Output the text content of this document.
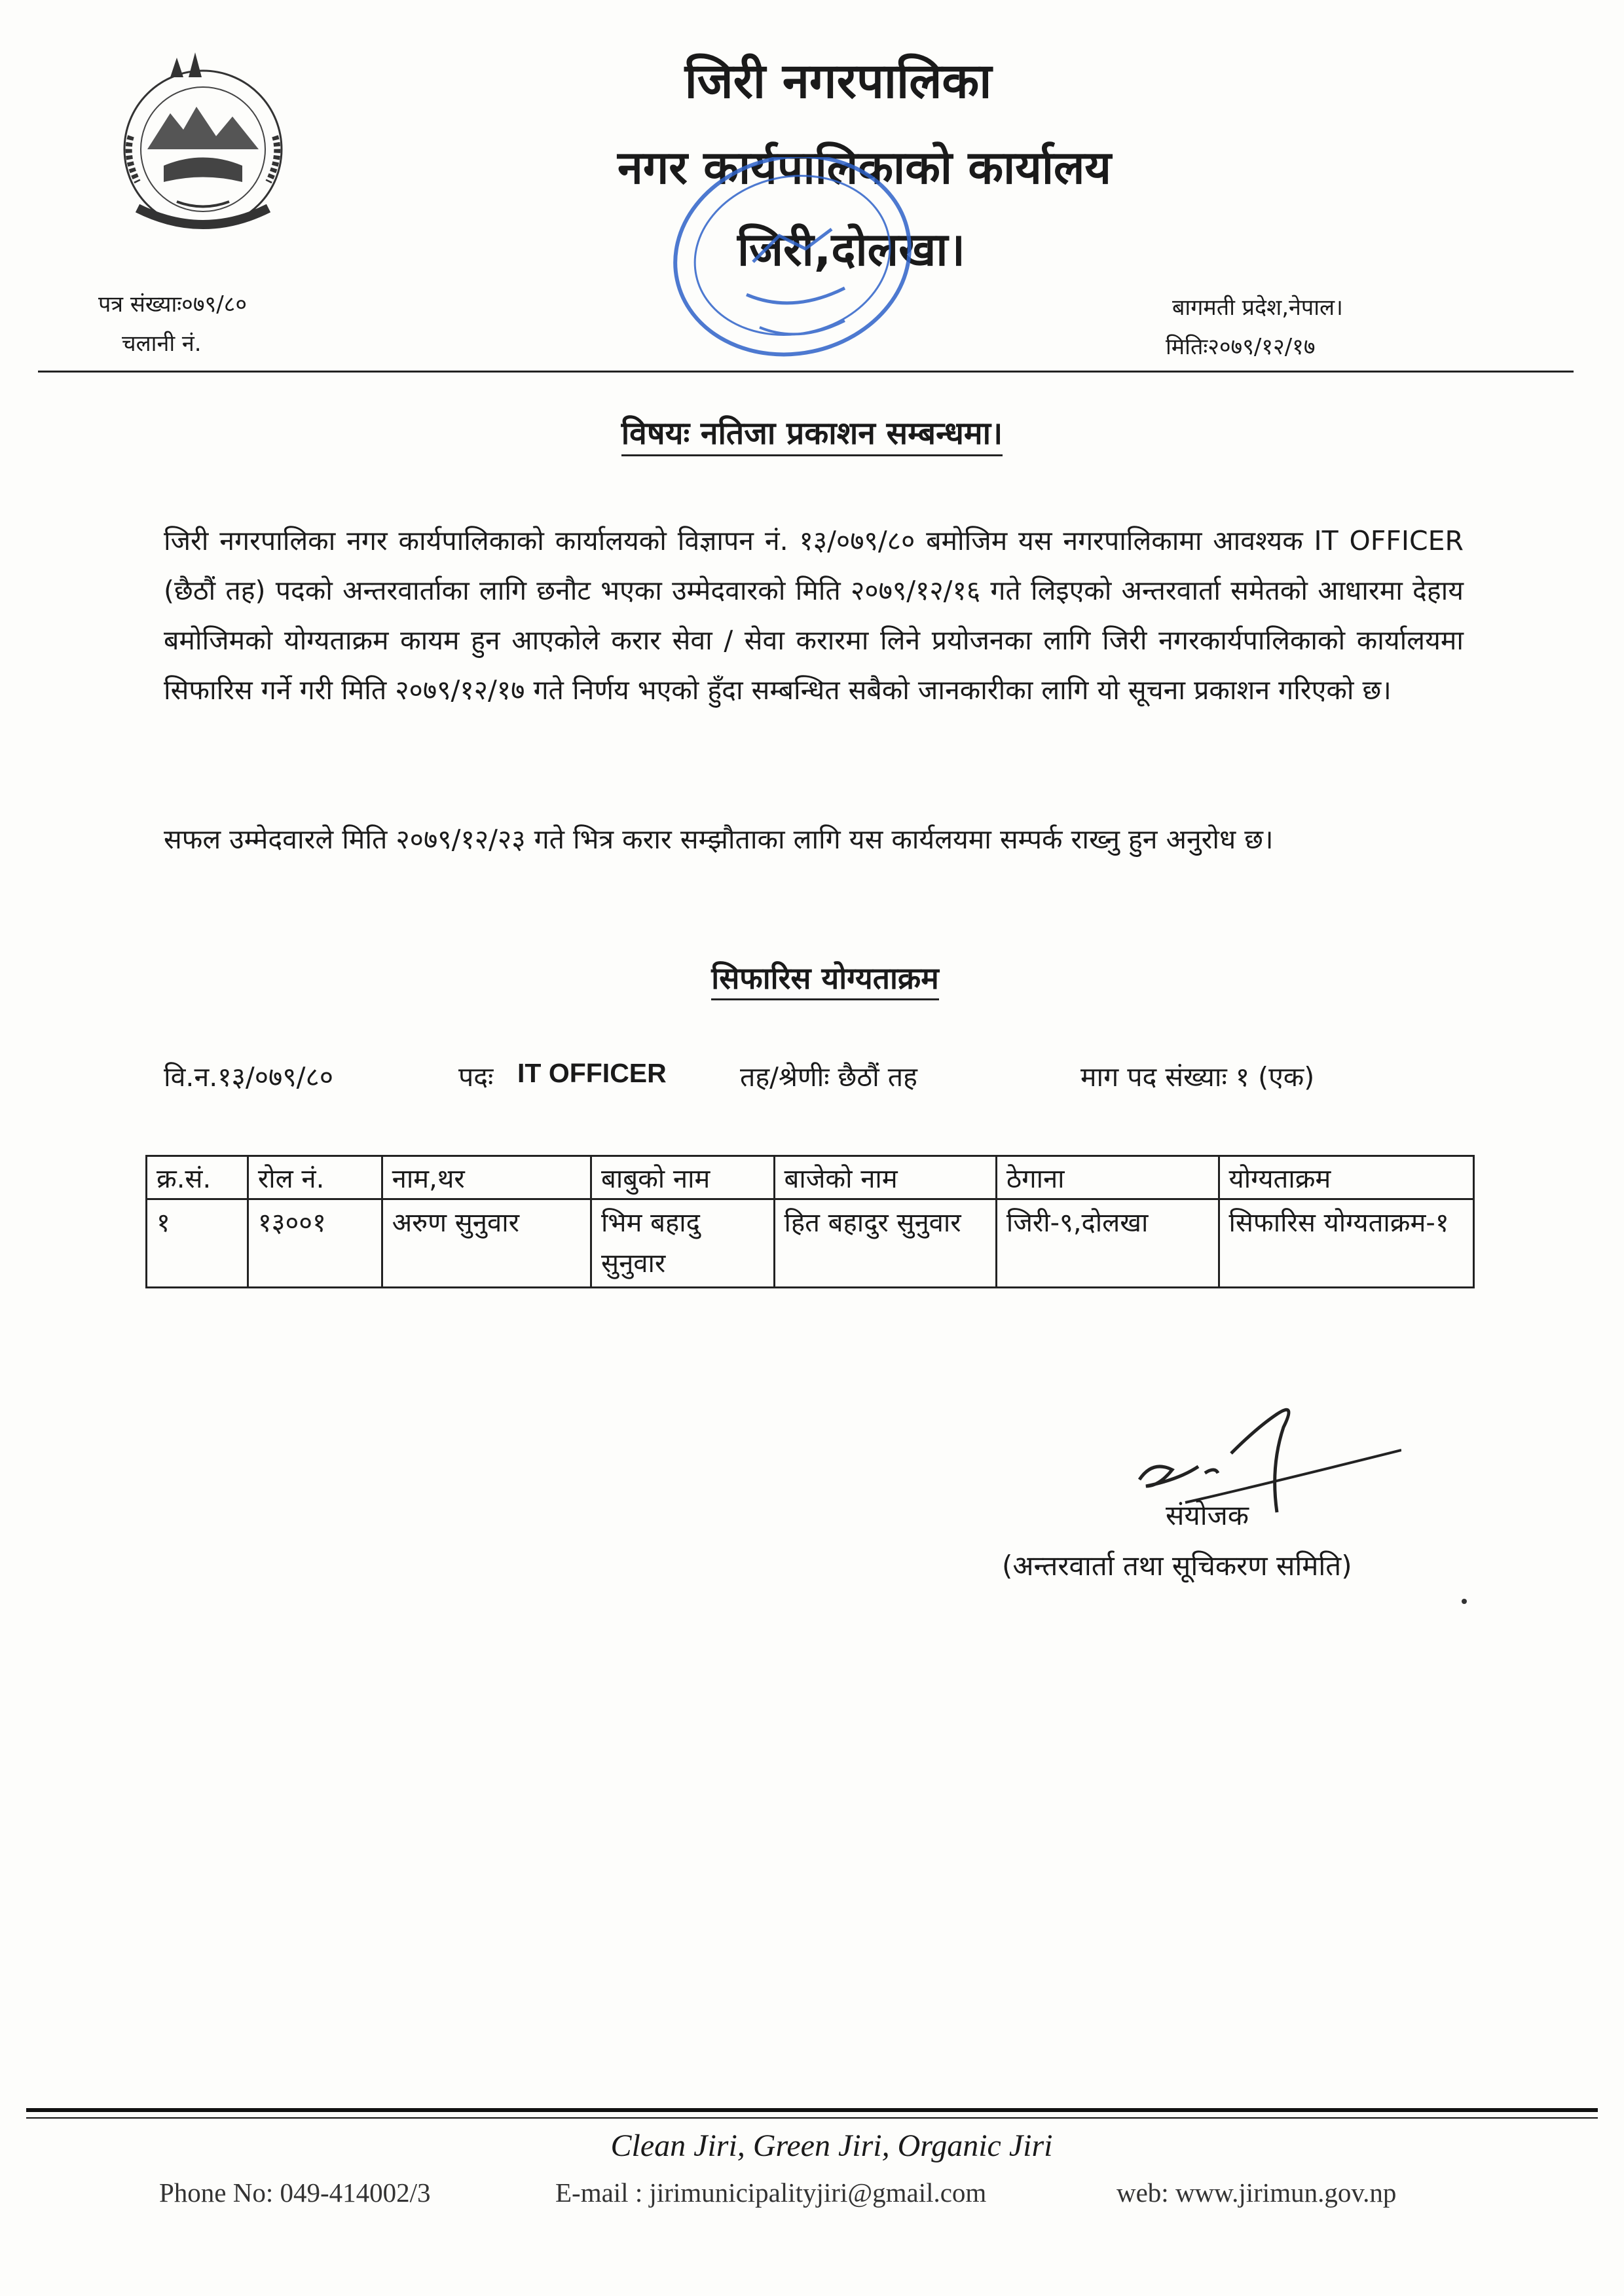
जिरी नगरपालिका
नगर कार्यपालिकाको कार्यालय
जिरी,दोलखा।
पत्र संख्याः०७९/८०
चलानी नं.
बागमती प्रदेश,नेपाल।
मितिः२०७९/१२/१७
विषयः नतिजा प्रकाशन सम्बन्धमा।
जिरी नगरपालिका नगर कार्यपालिकाको कार्यालयको विज्ञापन नं. १३/०७९/८० बमोजिम यस नगरपालिकामा आवश्यक IT OFFICER (छैठौं तह) पदको अन्तरवार्ताका लागि छनौट भएका उम्मेदवारको मिति २०७९/१२/१६ गते लिइएको अन्तरवार्ता समेतको आधारमा देहाय बमोजिमको योग्यताक्रम कायम हुन आएकोले करार सेवा / सेवा करारमा लिने प्रयोजनका लागि जिरी नगरकार्यपालिकाको कार्यालयमा सिफारिस गर्ने गरी मिति २०७९/१२/१७ गते निर्णय भएको हुँदा सम्बन्धित सबैको जानकारीका लागि यो सूचना प्रकाशन गरिएको छ।
सफल उम्मेदवारले मिति २०७९/१२/२३ गते भित्र करार सम्झौताका लागि यस कार्यलयमा सम्पर्क राख्नु हुन अनुरोध छ।
सिफारिस योग्यताक्रम
वि.न.१३/०७९/८०	पदः IT OFFICER	तह/श्रेणीः छैठौं तह	माग पद संख्याः १ (एक)
क्र.सं.	रोल नं.	नाम,थर	बाबुको नाम	बाजेको नाम	ठेगाना	योग्यताक्रम
१	१३००१	अरुण सुनुवार	भिम बहादु सुनुवार	हित बहादुर सुनुवार	जिरी-९,दोलखा	सिफारिस योग्यताक्रम-१
संयोजक
(अन्तरवार्ता तथा सूचिकरण समिति)
Clean Jiri, Green Jiri, Organic Jiri
Phone No: 049-414002/3	E-mail : jirimunicipalityjiri@gmail.com	web: www.jirimun.gov.np
